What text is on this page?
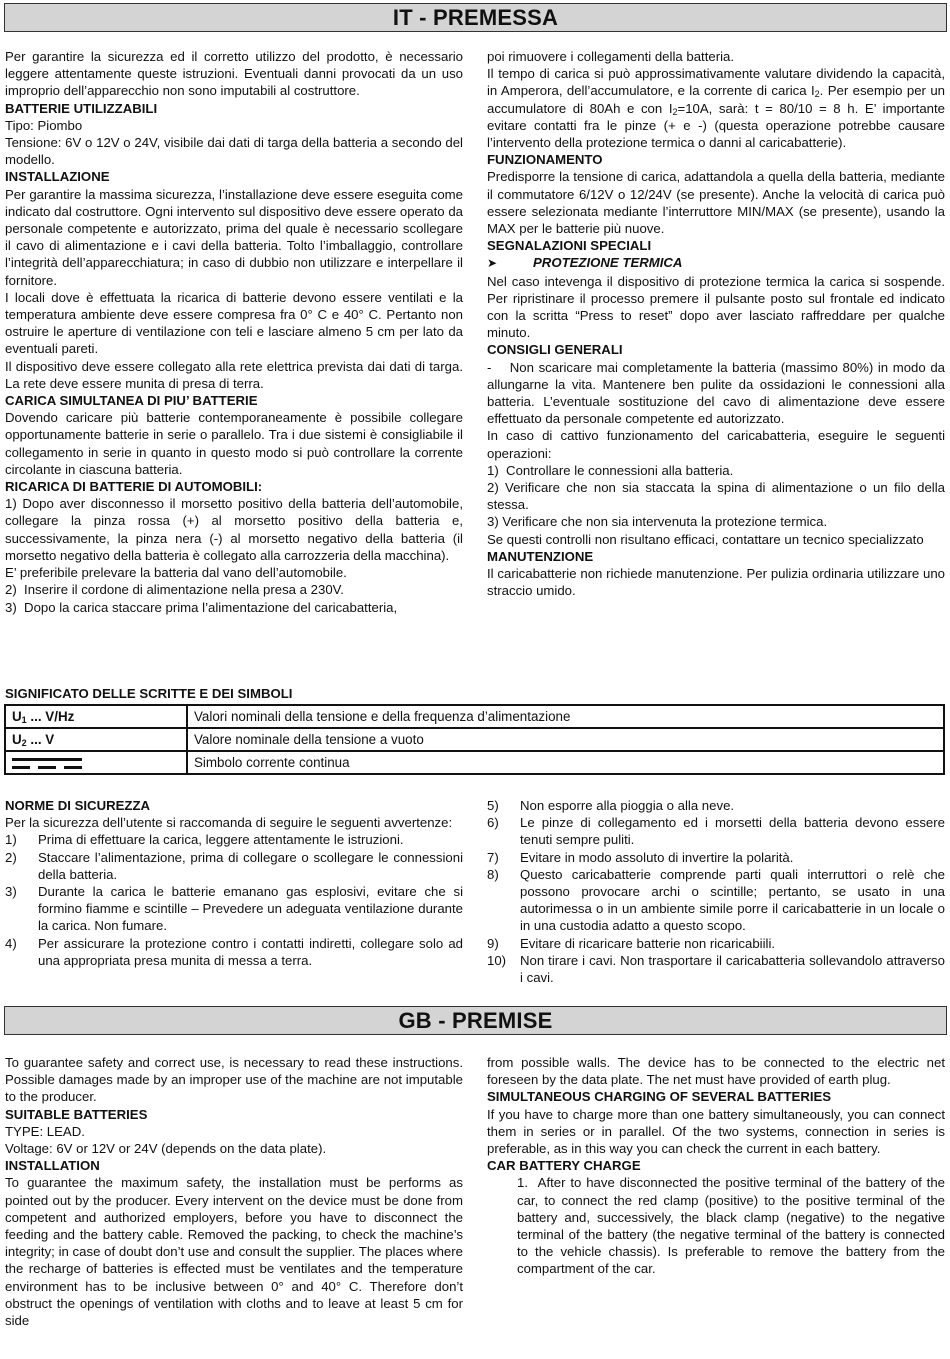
IT - PREMESSA

Per garantire la sicurezza ed il corretto utilizzo del prodotto, è necessario leggere attentamente queste istruzioni. Eventuali danni provocati da un uso improprio dell’apparecchio non sono imputabili al costruttore.

BATTERIE UTILIZZABILI

Tipo: Piombo

Tensione: 6V o 12V o 24V, visibile dai dati di targa della batteria a secondo del modello.

INSTALLAZIONE

Per garantire la massima sicurezza, l’installazione deve essere eseguita come indicato dal costruttore. Ogni intervento sul dispositivo deve essere operato da personale competente e autorizzato, prima del quale è necessario scollegare il cavo di alimentazione e i cavi della batteria. Tolto l’imballaggio, controllare l’integrità dell’apparecchiatura; in caso di dubbio non utilizzare e interpellare il fornitore.

I locali dove è effettuata la ricarica di batterie devono essere ventilati e la temperatura ambiente deve essere compresa fra 0° C e 40° C. Pertanto non ostruire le aperture di ventilazione con teli e lasciare almeno 5 cm per lato da eventuali pareti.

Il dispositivo deve essere collegato alla rete elettrica prevista dai dati di targa. La rete deve essere munita di presa di terra.

CARICA SIMULTANEA DI PIU’ BATTERIE

Dovendo caricare più batterie contemporaneamente è possibile collegare opportunamente batterie in serie o parallelo. Tra i due sistemi è consigliabile il collegamento in serie in quanto in questo modo si può controllare la corrente circolante in ciascuna batteria.

RICARICA DI BATTERIE DI AUTOMOBILI:

1) Dopo aver disconnesso il morsetto positivo della batteria dell’automobile, collegare la pinza rossa (+) al morsetto positivo della batteria e, successivamente, la pinza nera (-) al morsetto negativo della batteria (il morsetto negativo della batteria è collegato alla carrozzeria della macchina).

E’ preferibile prelevare la batteria dal vano dell’automobile.

2)  Inserire il cordone di alimentazione nella presa a 230V.

3)  Dopo la carica staccare prima l’alimentazione del caricabatteria,

poi rimuovere i collegamenti della batteria.

Il tempo di carica si può approssimativamente valutare dividendo la capacità, in Amperora, dell’accumulatore, e la corrente di carica $I_2$. Per esempio per un accumulatore di 80Ah e con $I_2=10A$, sarà: t = 80/10 = 8 h. E’ importante evitare contatti fra le pinze (+ e -) (questa operazione potrebbe causare l’intervento della protezione termica o danni al caricabatterie).

FUNZIONAMENTO

Predisporre la tensione di carica, adattandola a quella della batteria, mediante il commutatore 6/12V o 12/24V (se presente). Anche la velocità di carica può essere selezionata mediante l’interruttore MIN/MAX (se presente), usando la MAX per le batterie più nuove.

SEGNALAZIONI SPECIALI

➤	PROTEZIONE TERMICA

Nel caso intevenga il dispositivo di protezione termica la carica si sospende. Per ripristinare il processo premere il pulsante posto sul frontale ed indicato con la scritta “Press to reset” dopo aver lasciato raffreddare per qualche minuto.

CONSIGLI GENERALI

-    Non scaricare mai completamente la batteria (massimo 80%) in modo da allungarne la vita. Mantenere ben pulite da ossidazioni le connessioni alla batteria. L’eventuale sostituzione del cavo di alimentazione deve essere effettuato da personale competente ed autorizzato.

In caso di cattivo funzionamento del caricabatteria, eseguire le seguenti operazioni:

1)  Controllare le connessioni alla batteria.

2) Verificare che non sia staccata la spina di alimentazione o un filo della stessa.

3) Verificare che non sia intervenuta la protezione termica.

Se questi controlli non risultano efficaci, contattare un tecnico specializzato

MANUTENZIONE

Il caricabatterie non richiede manutenzione. Per pulizia ordinaria utilizzare uno straccio umido.

SIGNIFICATO DELLE SCRITTE E DEI SIMBOLI
$U_1$ ... V/Hz	Valori nominali della tensione e della frequenza d’alimentazione
$U_2$ ... V	Valore nominale della tensione a vuoto

	Simbolo corrente continua

NORME DI SICUREZZA

Per la sicurezza dell’utente si raccomanda di seguire le seguenti avvertenze:

1)	Prima di effettuare la carica, leggere attentamente le istruzioni.
2)	Staccare l’alimentazione, prima di collegare o scollegare le connessioni della batteria.
3)	Durante la carica le batterie emanano gas esplosivi, evitare che si formino fiamme e scintille – Prevedere un adeguata ventilazione durante la carica. Non fumare.
4)	Per assicurare la protezione contro i contatti indiretti, collegare solo ad una appropriata presa munita di messa a terra.
5)	Non esporre alla pioggia o alla neve.
6)	Le pinze di collegamento ed i morsetti della batteria devono essere tenuti sempre puliti.
7)	Evitare in modo assoluto di invertire la polarità.
8)	Questo caricabatterie comprende parti quali interruttori o relè che possono provocare archi o scintille; pertanto, se usato in una autorimessa o in un ambiente simile porre il caricabatterie in un locale o in una custodia adatto a questo scopo.
9)	Evitare di ricaricare batterie non ricaricabiili.
10)	Non tirare i cavi. Non trasportare il caricabatteria sollevandolo attraverso i cavi.
GB - PREMISE

To guarantee safety and correct use, is necessary to read these instructions. Possible damages made by an improper use of the machine are not imputable to the producer.

SUITABLE BATTERIES

TYPE: LEAD.

Voltage: 6V or 12V or 24V (depends on the data plate).

INSTALLATION

To guarantee the maximum safety, the installation must be performs as pointed out by the producer. Every intervent on the device must be done from competent and authorized employers, before you have to disconnect the feeding and the battery cable. Removed the packing, to check the machine’s integrity; in case of doubt don’t use and consult the supplier. The places where the recharge of batteries is effected must be ventilates and the temperature environment has to be inclusive between 0° and 40° C. Therefore don’t obstruct the openings of ventilation with cloths and to leave at least 5 cm for side

from possible walls. The device has to be connected to the electric net foreseen by the data plate. The net must have provided of earth plug.

SIMULTANEOUS CHARGING OF SEVERAL BATTERIES

If you have to charge more than one battery simultaneously, you can connect them in series or in parallel. Of the two systems, connection in series is preferable, as in this way you can check the current in each battery.

CAR BATTERY CHARGE

1.  After to have disconnected the positive terminal of the battery of the car, to connect the red clamp (positive) to the positive terminal of the battery and, successively, the black clamp (negative) to the negative terminal of the battery (the negative terminal of the battery is connected to the vehicle chassis). Is preferable to remove the battery from the compartment of the car.
